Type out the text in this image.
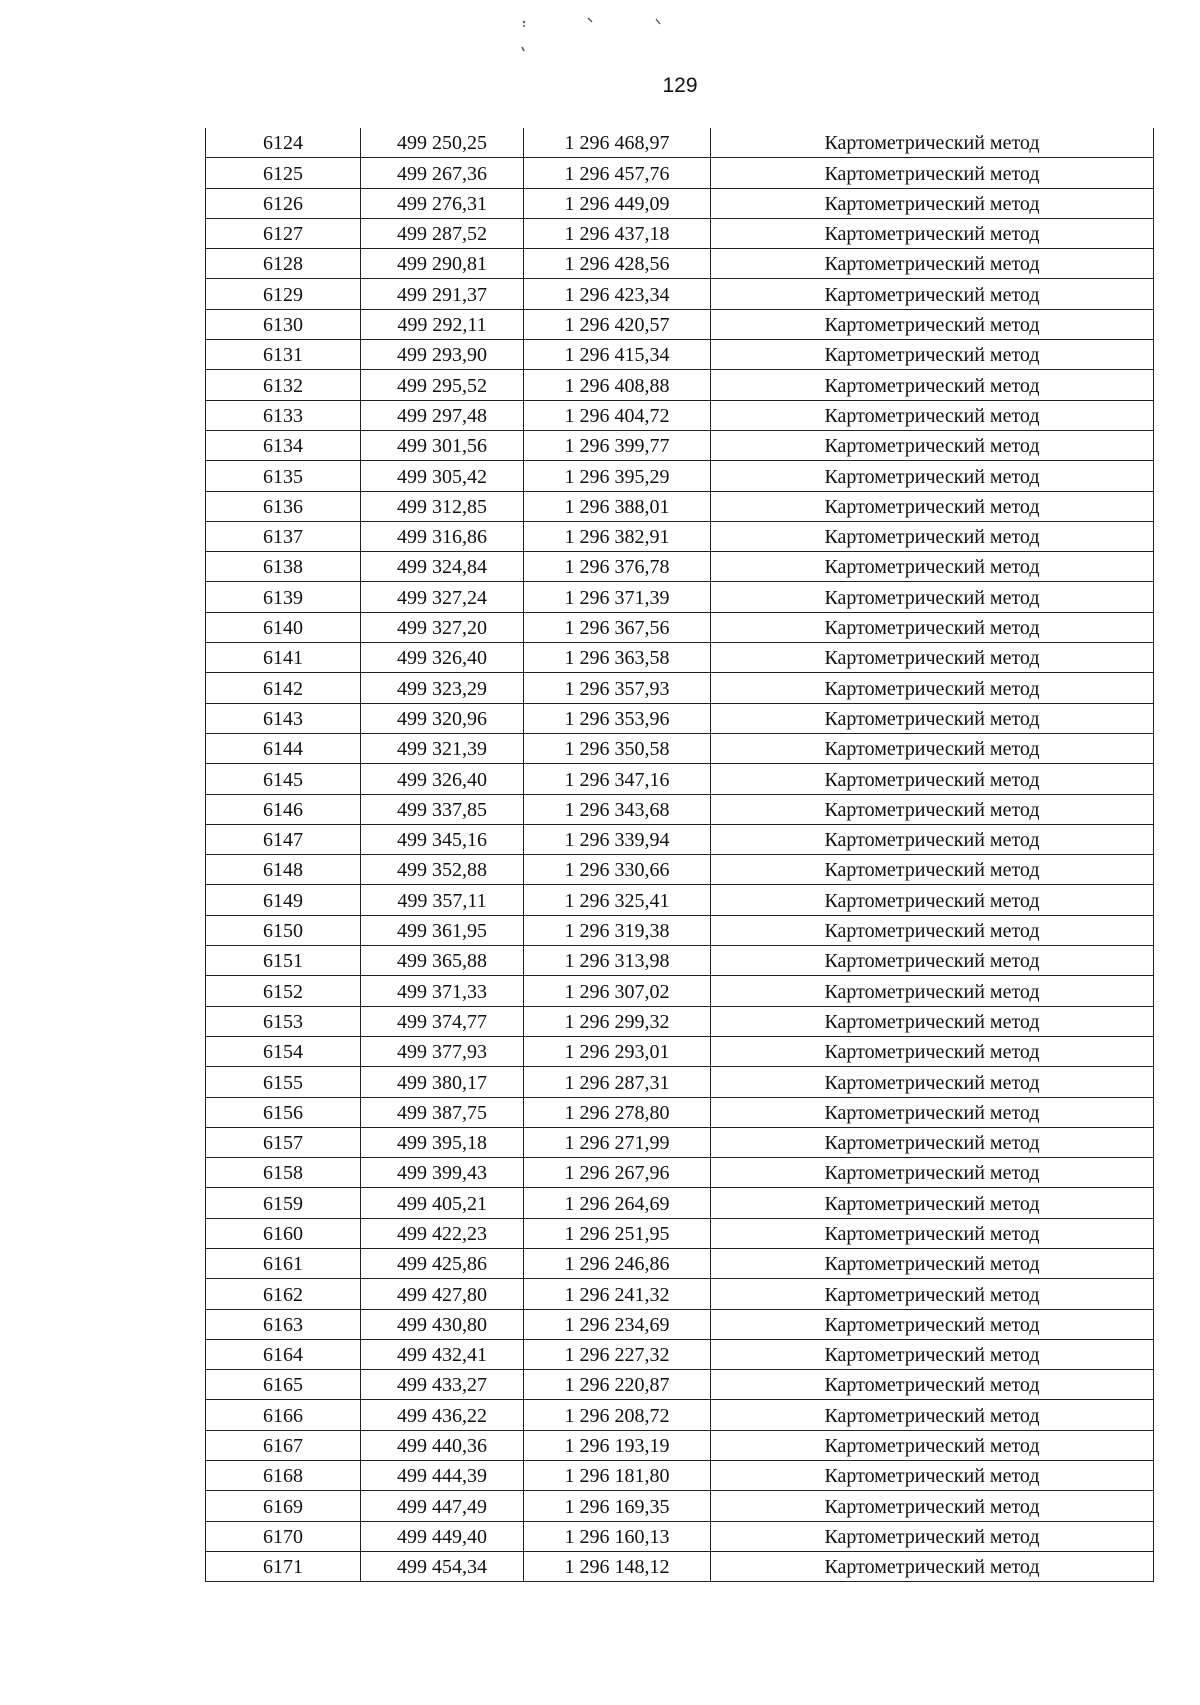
129
6124	499 250,25	1 296 468,97	Картометрический метод
6125	499 267,36	1 296 457,76	Картометрический метод
6126	499 276,31	1 296 449,09	Картометрический метод
6127	499 287,52	1 296 437,18	Картометрический метод
6128	499 290,81	1 296 428,56	Картометрический метод
6129	499 291,37	1 296 423,34	Картометрический метод
6130	499 292,11	1 296 420,57	Картометрический метод
6131	499 293,90	1 296 415,34	Картометрический метод
6132	499 295,52	1 296 408,88	Картометрический метод
6133	499 297,48	1 296 404,72	Картометрический метод
6134	499 301,56	1 296 399,77	Картометрический метод
6135	499 305,42	1 296 395,29	Картометрический метод
6136	499 312,85	1 296 388,01	Картометрический метод
6137	499 316,86	1 296 382,91	Картометрический метод
6138	499 324,84	1 296 376,78	Картометрический метод
6139	499 327,24	1 296 371,39	Картометрический метод
6140	499 327,20	1 296 367,56	Картометрический метод
6141	499 326,40	1 296 363,58	Картометрический метод
6142	499 323,29	1 296 357,93	Картометрический метод
6143	499 320,96	1 296 353,96	Картометрический метод
6144	499 321,39	1 296 350,58	Картометрический метод
6145	499 326,40	1 296 347,16	Картометрический метод
6146	499 337,85	1 296 343,68	Картометрический метод
6147	499 345,16	1 296 339,94	Картометрический метод
6148	499 352,88	1 296 330,66	Картометрический метод
6149	499 357,11	1 296 325,41	Картометрический метод
6150	499 361,95	1 296 319,38	Картометрический метод
6151	499 365,88	1 296 313,98	Картометрический метод
6152	499 371,33	1 296 307,02	Картометрический метод
6153	499 374,77	1 296 299,32	Картометрический метод
6154	499 377,93	1 296 293,01	Картометрический метод
6155	499 380,17	1 296 287,31	Картометрический метод
6156	499 387,75	1 296 278,80	Картометрический метод
6157	499 395,18	1 296 271,99	Картометрический метод
6158	499 399,43	1 296 267,96	Картометрический метод
6159	499 405,21	1 296 264,69	Картометрический метод
6160	499 422,23	1 296 251,95	Картометрический метод
6161	499 425,86	1 296 246,86	Картометрический метод
6162	499 427,80	1 296 241,32	Картометрический метод
6163	499 430,80	1 296 234,69	Картометрический метод
6164	499 432,41	1 296 227,32	Картометрический метод
6165	499 433,27	1 296 220,87	Картометрический метод
6166	499 436,22	1 296 208,72	Картометрический метод
6167	499 440,36	1 296 193,19	Картометрический метод
6168	499 444,39	1 296 181,80	Картометрический метод
6169	499 447,49	1 296 169,35	Картометрический метод
6170	499 449,40	1 296 160,13	Картометрический метод
6171	499 454,34	1 296 148,12	Картометрический метод
